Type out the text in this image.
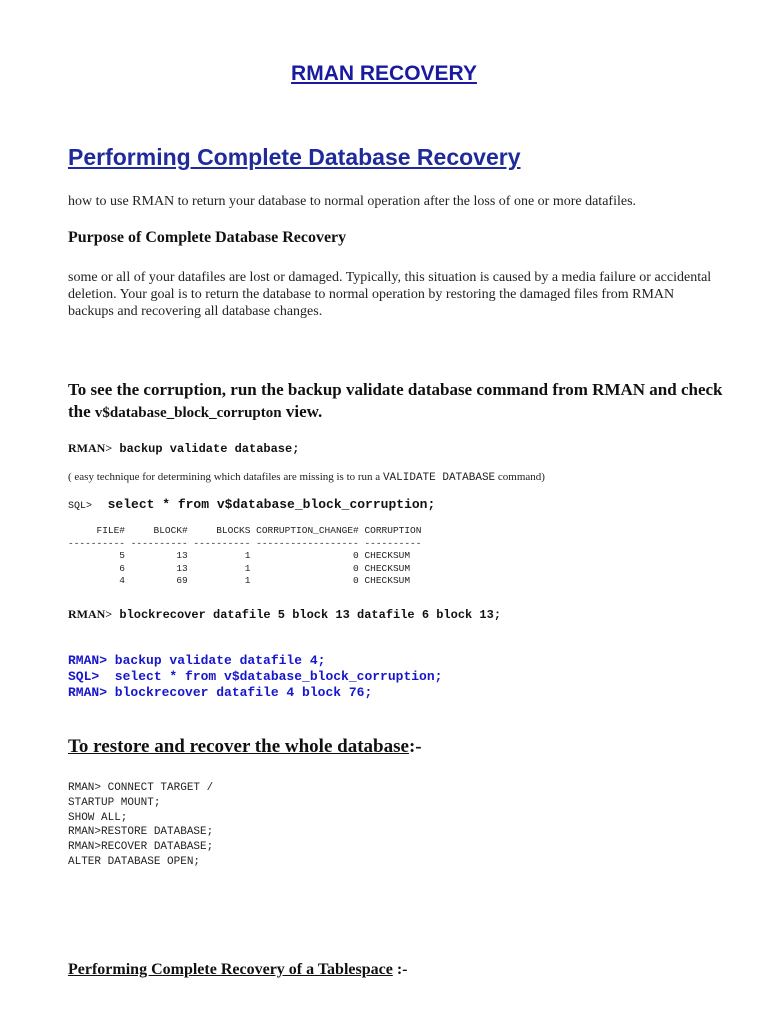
RMAN RECOVERY
Performing Complete Database Recovery

how to use RMAN to return your database to normal operation after the loss of one or more datafiles.

Purpose of Complete Database Recovery

some or all of your datafiles are lost or damaged. Typically, this situation is caused by a media failure or accidental deletion. Your goal is to return the database to normal operation by restoring the damaged files from RMAN backups and recovering all database changes.

To see the corruption, run the backup validate database command from RMAN and check the v$database_block_corrupton view.
RMAN> backup validate database;
( easy technique for determining which datafiles are missing is to run a VALIDATE DATABASE command)
SQL>  select * from v$database_block_corruption;
FILE#     BLOCK#     BLOCKS CORRUPTION_CHANGE# CORRUPTION
---------- ---------- ---------- ------------------ ----------
5         13          1                  0 CHECKSUM
6         13          1                  0 CHECKSUM
4         69          1                  0 CHECKSUM
RMAN> blockrecover datafile 5 block 13 datafile 6 block 13;
RMAN> backup validate datafile 4;
SQL>  select * from v$database_block_corruption;
RMAN> blockrecover datafile 4 block 76;
To restore and recover the whole database:-
RMAN> CONNECT TARGET /
STARTUP MOUNT;
SHOW ALL;
RMAN>RESTORE DATABASE;
RMAN>RECOVER DATABASE;
ALTER DATABASE OPEN;
Performing Complete Recovery of a Tablespace :-
